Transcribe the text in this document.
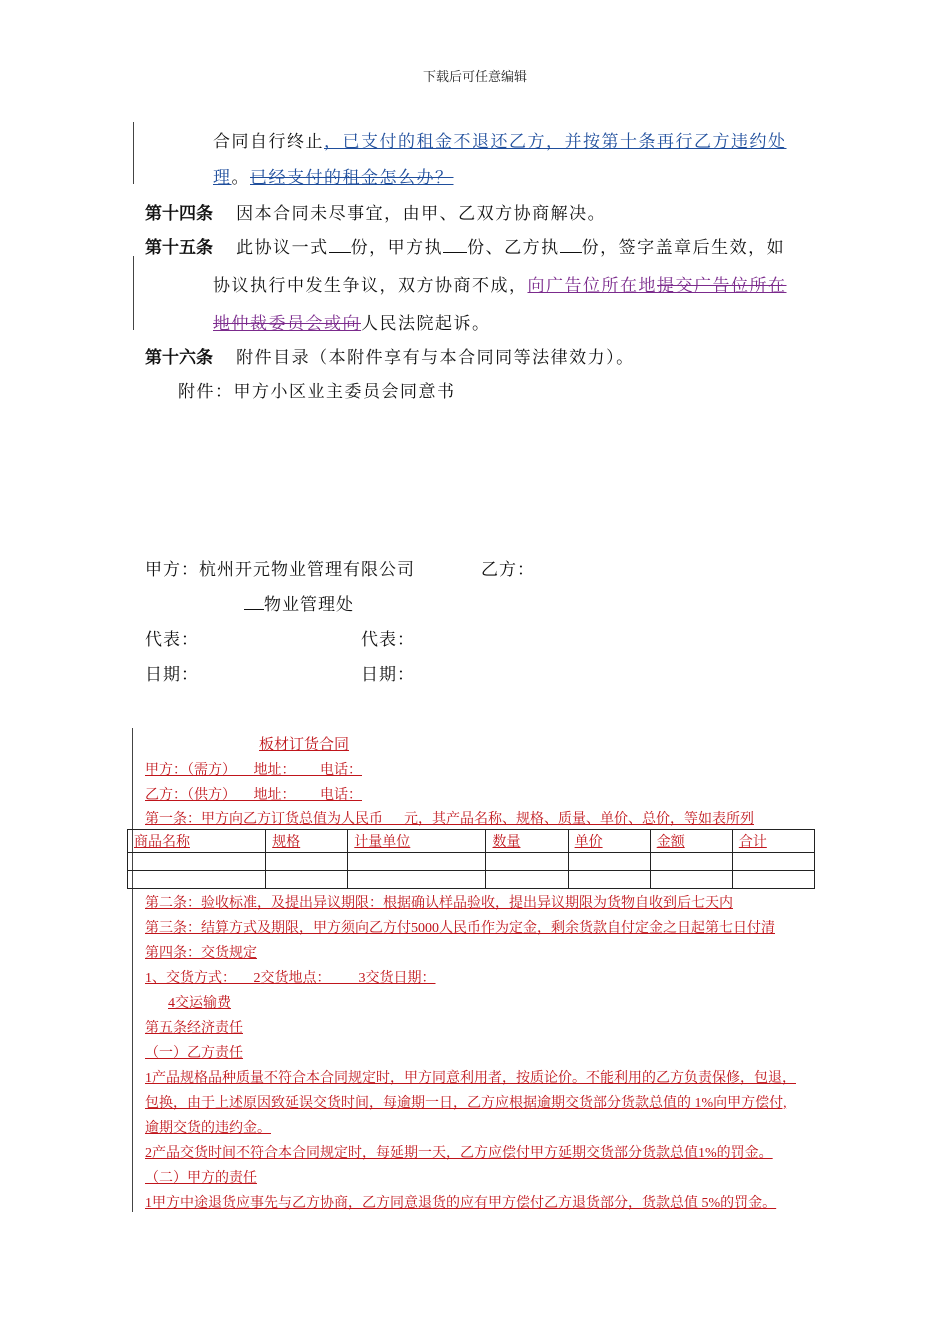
下载后可任意编辑
合同自行终止，已支付的租金不退还乙方，并按第十条再行乙方违约处
理。已经支付的租金怎么办？
第十四条 因本合同未尽事宜，由甲、乙双方协商解决。
第十五条 此协议一式 份，甲方执 份、乙方执 份，签字盖章后生效，如
协议执行中发生争议，双方协商不成，向广告位所在地提交广告位所在
地仲裁委员会或向人民法院起诉。
第十六条 附件目录（本附件享有与本合同同等法律效力）。
附件：甲方小区业主委员会同意书
甲方：杭州开元物业管理有限公司	乙方：
物业管理处
代表：	代表：
日期：	日期：
板材订货合同
甲方：（需方）     地址：       电话：
乙方：（供方）     地址：       电话：
第一条：甲方向乙方订货总值为人民币      元，其产品名称、规格、质量、单价、总价，等如表所列
商品名称	规格	计量单位	数量	单价	金额	合计

第二条：验收标准，及提出异议期限：根据确认样品验收，提出异议期限为货物自收到后七天内
第三条：结算方式及期限，甲方须向乙方付5000人民币作为定金，剩余货款自付定金之日起第七日付清
第四条：交货规定
1、交货方式：     2交货地点：        3交货日期：
4交运输费
第五条经济责任
（一）乙方责任
1产品规格品种质量不符合本合同规定时，甲方同意利用者，按质论价。不能利用的乙方负责保修，包退，
包换，由于上述原因致延误交货时间，每逾期一日，乙方应根据逾期交货部分货款总值的 1%向甲方偿付,
逾期交货的违约金。
2产品交货时间不符合本合同规定时，每延期一天，乙方应偿付甲方延期交货部分货款总值1%的罚金。
（二）甲方的责任
1甲方中途退货应事先与乙方协商，乙方同意退货的应有甲方偿付乙方退货部分，货款总值 5%的罚金。
